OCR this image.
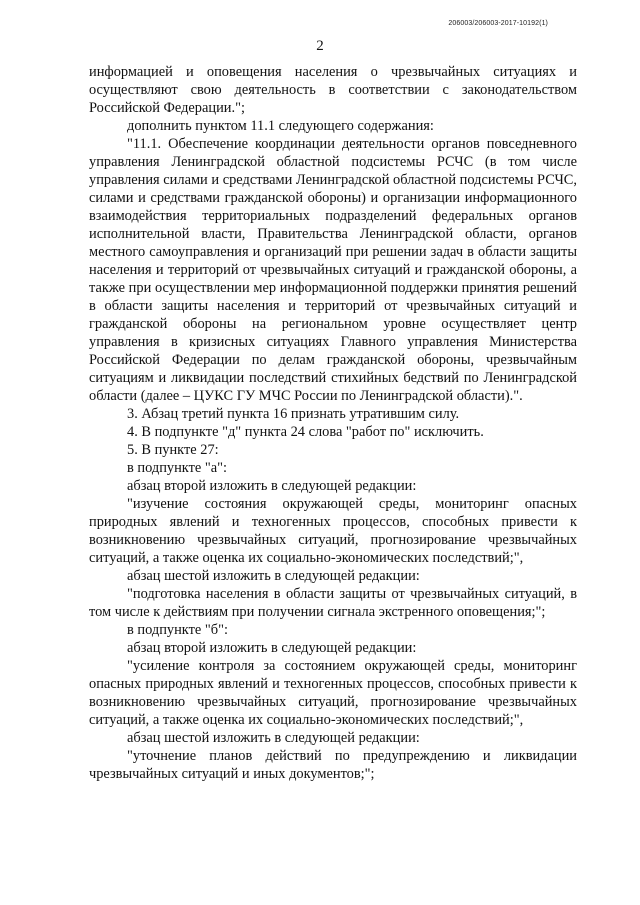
206003/206003-2017-10192(1)
2

информацией и оповещения населения о чрезвычайных ситуациях и осуществляют свою деятельность в соответствии с законодательством Российской Федерации.";

дополнить пунктом 11.1 следующего содержания:

"11.1. Обеспечение координации деятельности органов повседневного управления Ленинградской областной подсистемы РСЧС (в том числе управления силами и средствами Ленинградской областной подсистемы РСЧС, силами и средствами гражданской обороны) и организации информационного взаимодействия территориальных подразделений федеральных органов исполнительной власти, Правительства Ленинградской области, органов местного самоуправления и организаций при решении задач в области защиты населения и территорий от чрезвычайных ситуаций и гражданской обороны, а также при осуществлении мер информационной поддержки принятия решений в области защиты населения и территорий от чрезвычайных ситуаций и гражданской обороны на региональном уровне осуществляет центр управления в кризисных ситуациях Главного управления Министерства Российской Федерации по делам гражданской обороны, чрезвычайным ситуациям и ликвидации последствий стихийных бедствий по Ленинградской области (далее – ЦУКС ГУ МЧС России по Ленинградской области).".

3. Абзац третий пункта 16 признать утратившим силу.

4. В подпункте "д" пункта 24 слова "работ по" исключить.

5. В пункте 27:

в подпункте "а":

абзац второй изложить в следующей редакции:

"изучение состояния окружающей среды, мониторинг опасных природных явлений и техногенных процессов, способных привести к возникновению чрезвычайных ситуаций, прогнозирование чрезвычайных ситуаций, а также оценка их социально-экономических последствий;",

абзац шестой изложить в следующей редакции:

"подготовка населения в области защиты от чрезвычайных ситуаций, в том числе к действиям при получении сигнала экстренного оповещения;";

в подпункте "б":

абзац второй изложить в следующей редакции:

"усиление контроля за состоянием окружающей среды, мониторинг опасных природных явлений и техногенных процессов, способных привести к возникновению чрезвычайных ситуаций, прогнозирование чрезвычайных ситуаций, а также оценка их социально-экономических последствий;",

абзац шестой изложить в следующей редакции:

"уточнение планов действий по предупреждению и ликвидации чрезвычайных ситуаций и иных документов;";
